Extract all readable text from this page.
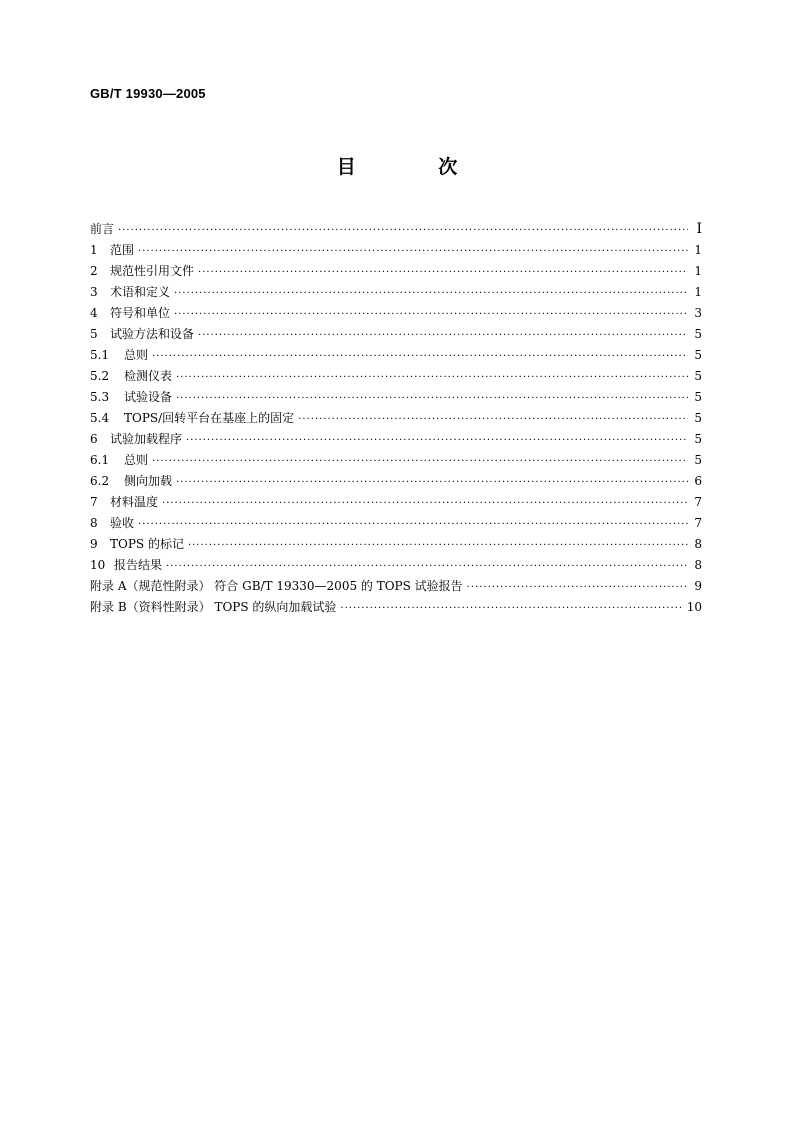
GB/T 19930—2005
目 次
前言 ·····	I
1	范围 ·····	1
2	规范性引用文件 ·····	1
3	术语和定义 ·····	1
4	符号和单位 ·····	3
5	试验方法和设备 ·····	5
5.1	总则 ·····	5
5.2	检测仪表 ·····	5
5.3	试验设备 ·····	5
5.4	TOPS/回转平台在基座上的固定 ·····	5
6	试验加载程序 ·····	5
6.1	总则 ·····	5
6.2	侧向加载 ·····	6
7	材料温度 ·····	7
8	验收 ·····	7
9	TOPS 的标记 ·····	8
10 报告结果 ·····	8
附录 A（规范性附录） 符合 GB/T 19330—2005 的 TOPS 试验报告 ·····	9
附录 B（资料性附录） TOPS 的纵向加载试验 ·····	10
